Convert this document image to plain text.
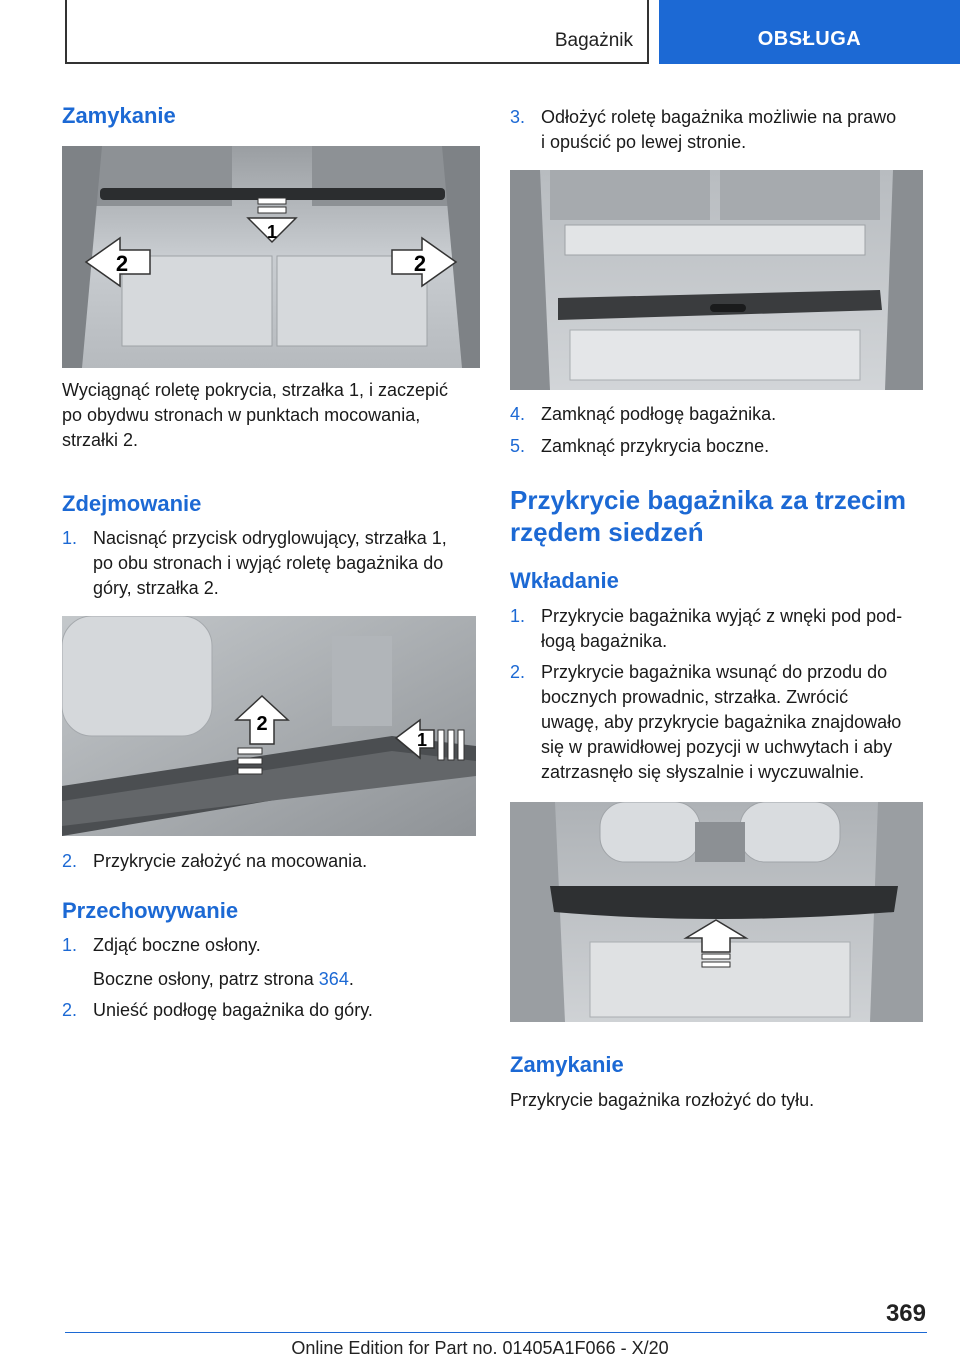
Bagażnik	OBSŁUGA
Zamykanie
1
2	2

Wyciągnąć roletę pokrycia, strzałka 1, i zaczepić
po obydwu stronach w punktach mocowania,
strzałki 2.

Zdejmowanie
1. Nacisnąć przycisk odryglowujący, strzałka 1,
po obu stronach i wyjąć roletę bagażnika do
góry, strzałka 2.
2
1
2. Przykrycie założyć na mocowania.
Przechowywanie
1. Zdjąć boczne osłony.
Boczne osłony, patrz strona 364.
2. Unieść podłogę bagażnika do góry.
3. Odłożyć roletę bagażnika możliwie na prawo
i opuścić po lewej stronie.
4. Zamknąć podłogę bagażnika.
5. Zamknąć przykrycia boczne.
Przykrycie bagażnika za trzecim
rzędem siedzeń
Wkładanie
1. Przykrycie bagażnika wyjąć z wnęki pod pod-
łogą bagażnika.
2. Przykrycie bagażnika wsunąć do przodu do
bocznych prowadnic, strzałka. Zwrócić
uwagę, aby przykrycie bagażnika znajdowało
się w prawidłowej pozycji w uchwytach i aby
zatrzasnęło się słyszalnie i wyczuwalnie.
Zamykanie

Przykrycie bagażnika rozłożyć do tyłu.

369
Online Edition for Part no. 01405A1F066 - X/20
